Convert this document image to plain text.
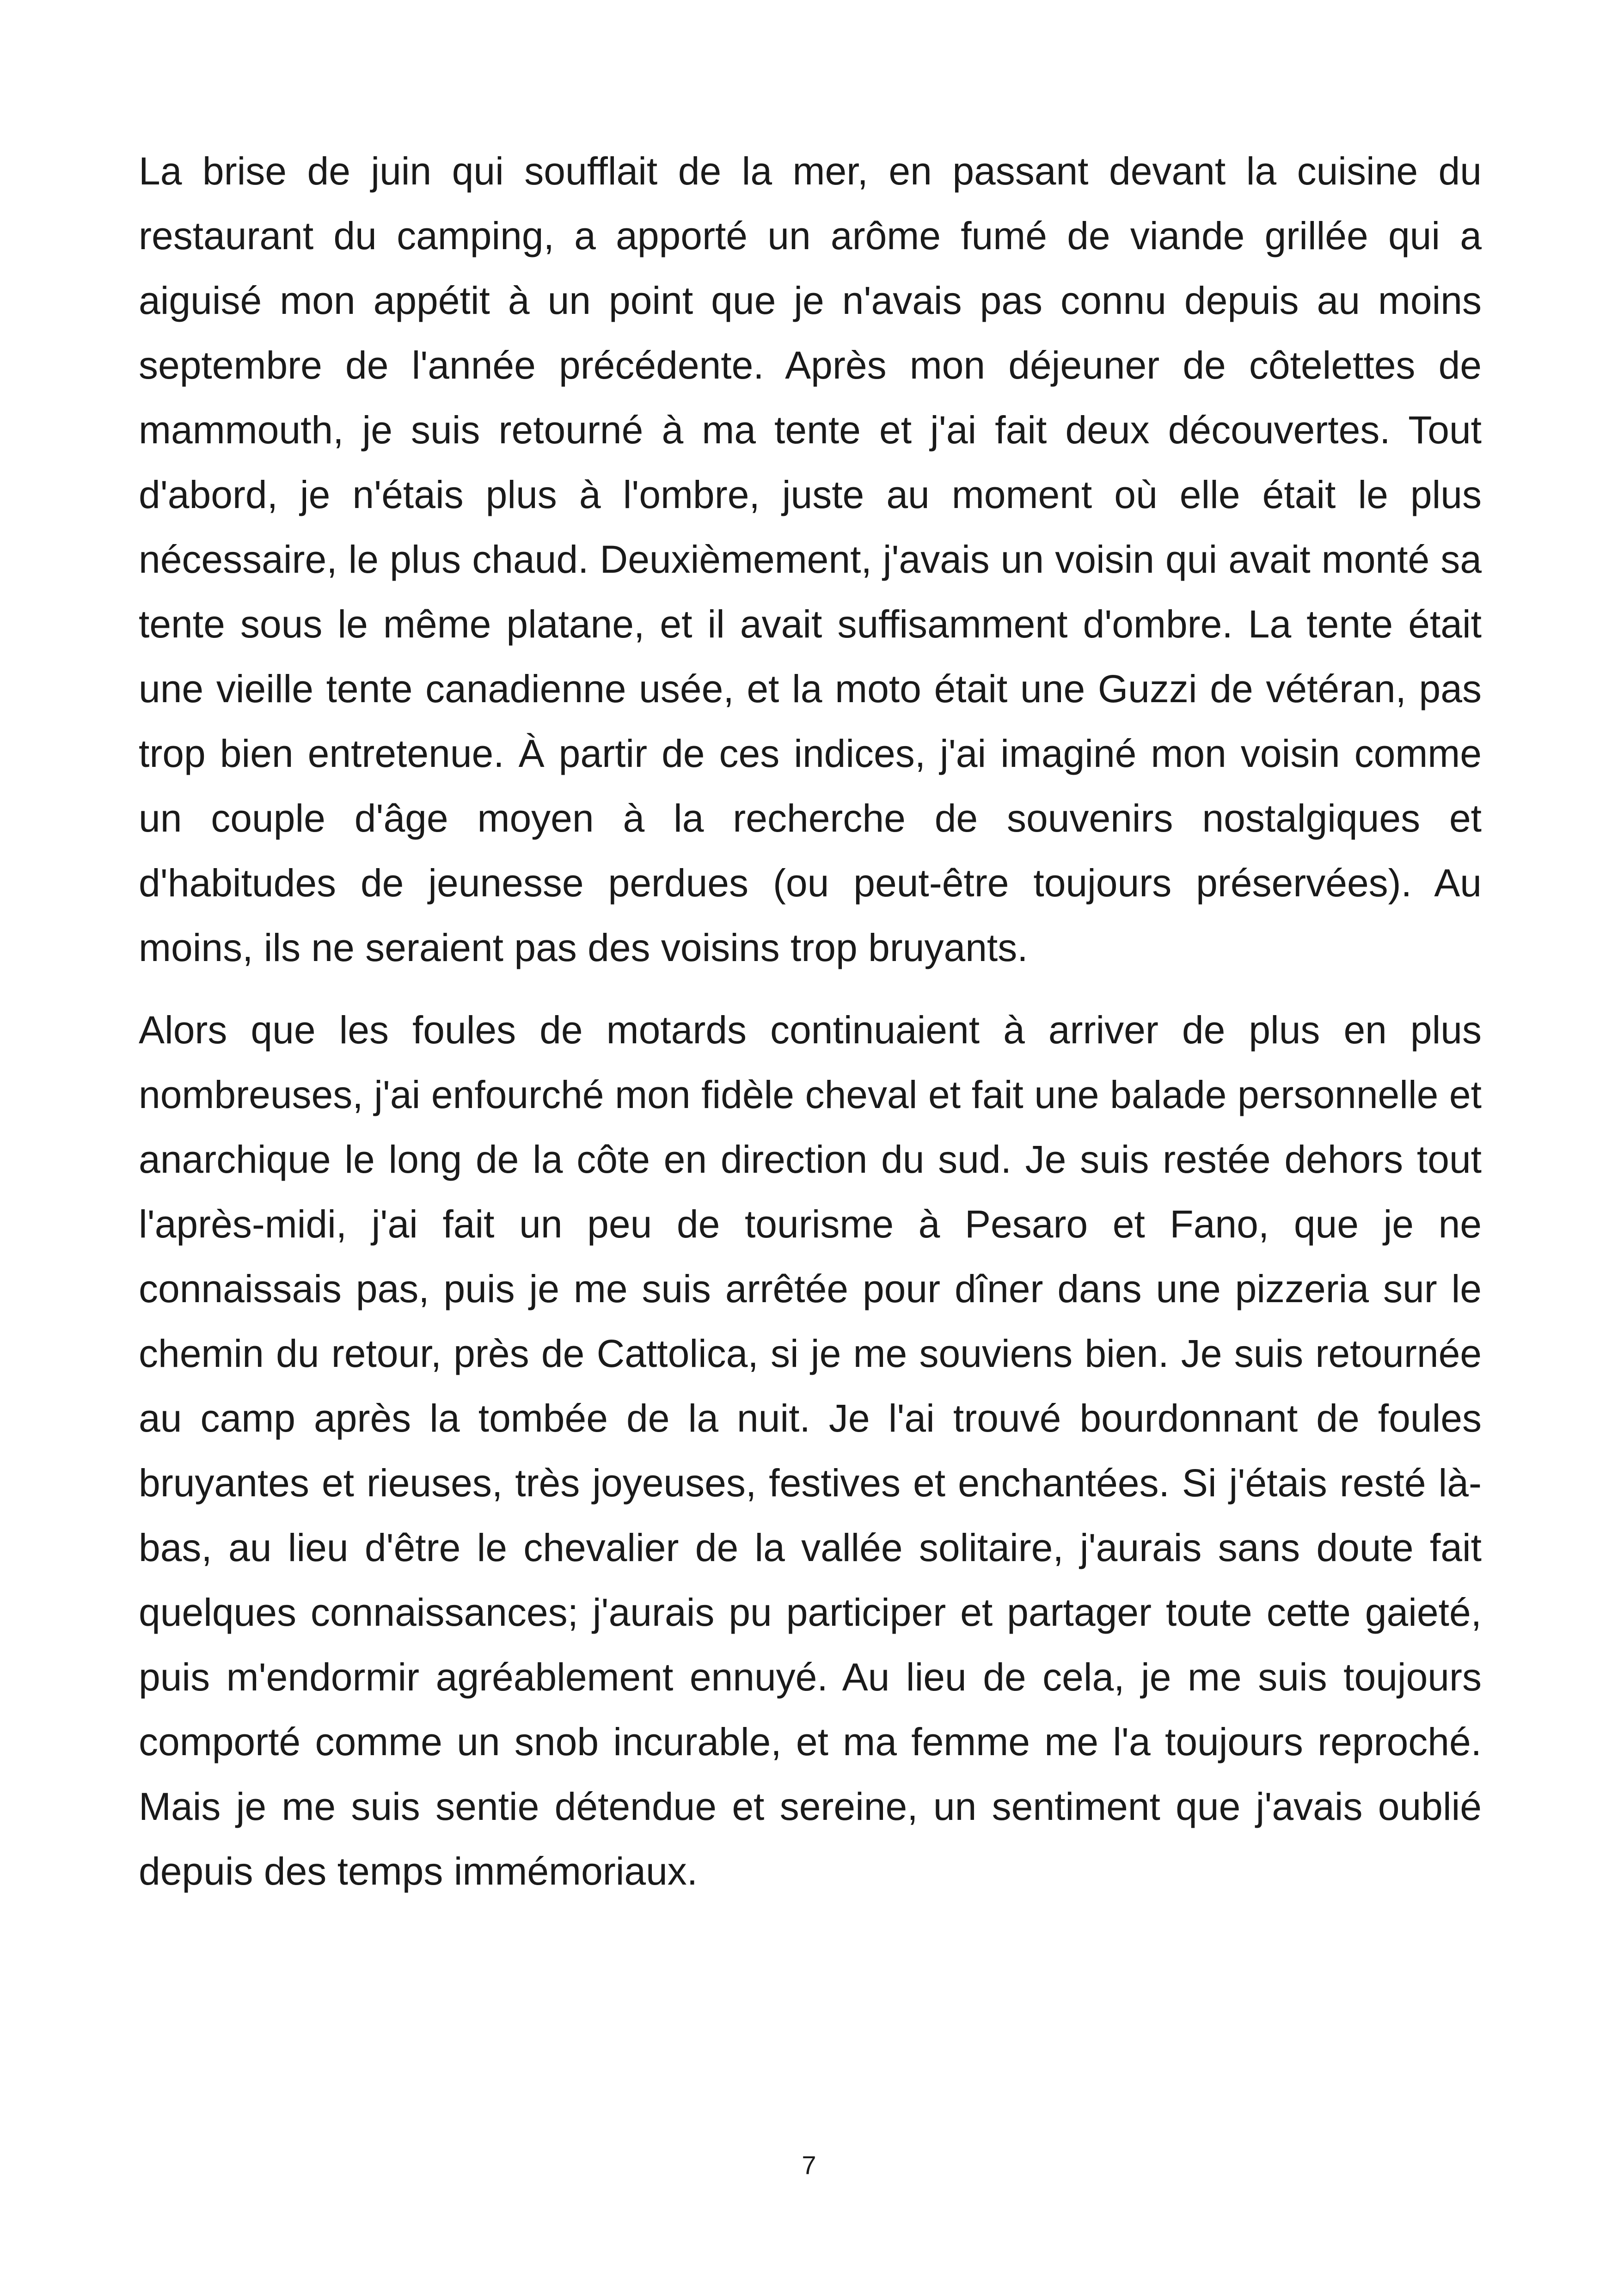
La brise de juin qui soufflait de la mer, en passant devant la cuisine du restaurant du camping, a apporté un arôme fumé de viande grillée qui a aiguisé mon appétit à un point que je n'avais pas connu depuis au moins septembre de l'année précédente. Après mon déjeuner de côtelettes de mammouth, je suis retourné à ma tente et j'ai fait deux découvertes. Tout d'abord, je n'étais plus à l'ombre, juste au moment où elle était le plus nécessaire, le plus chaud. Deuxièmement, j'avais un voisin qui avait monté sa tente sous le même platane, et il avait suffisamment d'ombre. La tente était une vieille tente canadienne usée, et la moto était une Guzzi de vétéran, pas trop bien entretenue. À partir de ces indices, j'ai imaginé mon voisin comme un couple d'âge moyen à la recherche de souvenirs nostalgiques et d'habitudes de jeunesse perdues (ou peut-être toujours préservées). Au moins, ils ne seraient pas des voisins trop bruyants.

Alors que les foules de motards continuaient à arriver de plus en plus nombreuses, j'ai enfourché mon fidèle cheval et fait une balade personnelle et anarchique le long de la côte en direction du sud. Je suis restée dehors tout l'après-midi, j'ai fait un peu de tourisme à Pesaro et Fano, que je ne connaissais pas, puis je me suis arrêtée pour dîner dans une pizzeria sur le chemin du retour, près de Cattolica, si je me souviens bien. Je suis retournée au camp après la tombée de la nuit. Je l'ai trouvé bourdonnant de foules bruyantes et rieuses, très joyeuses, festives et enchantées. Si j'étais resté là-bas, au lieu d'être le chevalier de la vallée solitaire, j'aurais sans doute fait quelques connaissances; j'aurais pu participer et partager toute cette gaieté, puis m'endormir agréablement ennuyé. Au lieu de cela, je me suis toujours comporté comme un snob incurable, et ma femme me l'a toujours reproché. Mais je me suis sentie détendue et sereine, un sentiment que j'avais oublié depuis des temps immémoriaux.

7
